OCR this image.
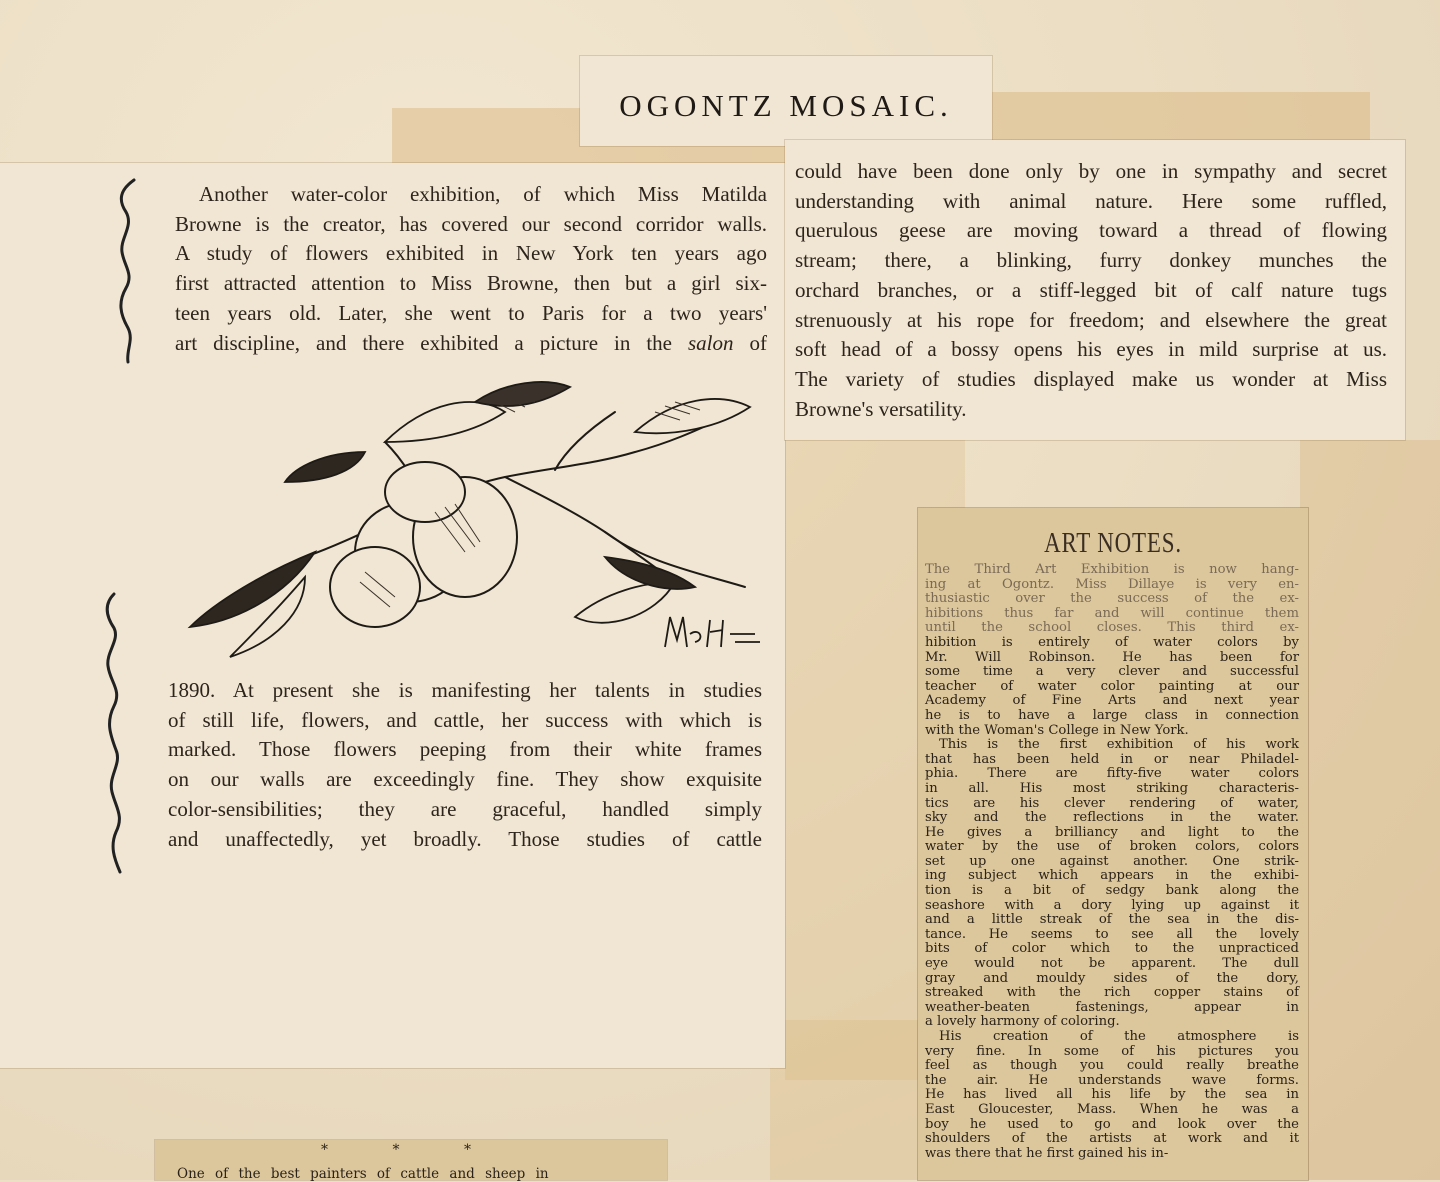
OGONTZ MOSAIC.
Another water-color exhibition, of which Miss Matilda
Browne is the creator, has covered our second corridor walls.
A study of flowers exhibited in New York ten years ago
first attracted attention to Miss Browne, then but a girl six-
teen years old. Later, she went to Paris for a two years'
art discipline, and there exhibited a picture in the salon of
1890. At present she is manifesting her talents in studies
of still life, flowers, and cattle, her success with which is
marked. Those flowers peeping from their white frames
on our walls are exceedingly fine. They show exquisite
color-sensibilities; they are graceful, handled simply
and unaffectedly, yet broadly. Those studies of cattle
could have been done only by one in sympathy and secret
understanding with animal nature. Here some ruffled,
querulous geese are moving toward a thread of flowing
stream; there, a blinking, furry donkey munches the
orchard branches, or a stiff-legged bit of calf nature tugs
strenuously at his rope for freedom; and elsewhere the great
soft head of a bossy opens his eyes in mild surprise at us.
The variety of studies displayed make us wonder at Miss
Browne's versatility.
ART NOTES.
The Third Art Exhibition is now hang-
ing at Ogontz. Miss Dillaye is very en-
thusiastic over the success of the ex-
hibitions thus far and will continue them
until the school closes. This third ex-
hibition is entirely of water colors by
Mr. Will Robinson. He has been for
some time a very clever and successful
teacher of water color painting at our
Academy of Fine Arts and next year
he is to have a large class in connection
with the Woman's College in New York.
This is the first exhibition of his work
that has been held in or near Philadel-
phia. There are fifty-five water colors
in all. His most striking characteris-
tics are his clever rendering of water,
sky and the reflections in the water.
He gives a brilliancy and light to the
water by the use of broken colors, colors
set up one against another. One strik-
ing subject which appears in the exhibi-
tion is a bit of sedgy bank along the
seashore with a dory lying up against it
and a little streak of the sea in the dis-
tance. He seems to see all the lovely
bits of color which to the unpracticed
eye would not be apparent. The dull
gray and mouldy sides of the dory,
streaked with the rich copper stains of
weather-beaten fastenings, appear in
a lovely harmony of coloring.
His creation of the atmosphere is
very fine. In some of his pictures you
feel as though you could really breathe
the air. He understands wave forms.
He has lived all his life by the sea in
East Gloucester, Mass. When he was a
boy he used to go and look over the
shoulders of the artists at work and it
was there that he first gained his in-
* * *
One of the best painters of cattle and sheep in
